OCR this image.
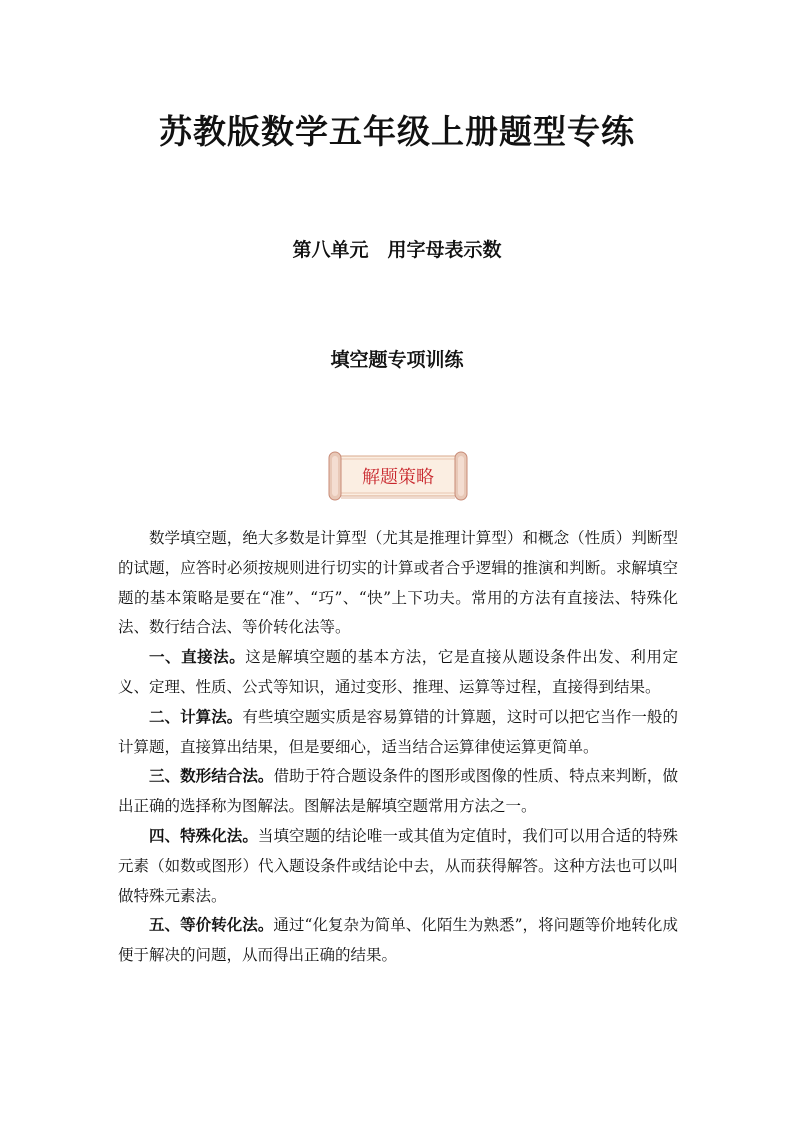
苏教版数学五年级上册题型专练
第八单元　用字母表示数
填空题专项训练
解题策略

数学填空题，绝大多数是计算型（尤其是推理计算型）和概念（性质）判断型的试题，应答时必须按规则进行切实的计算或者合乎逻辑的推演和判断。求解填空题的基本策略是要在“准”、“巧”、“快”上下功夫。常用的方法有直接法、特殊化法、数行结合法、等价转化法等。

一、直接法。这是解填空题的基本方法，它是直接从题设条件出发、利用定义、定理、性质、公式等知识，通过变形、推理、运算等过程，直接得到结果。

二、计算法。有些填空题实质是容易算错的计算题，这时可以把它当作一般的计算题，直接算出结果，但是要细心，适当结合运算律使运算更简单。

三、数形结合法。借助于符合题设条件的图形或图像的性质、特点来判断，做出正确的选择称为图解法。图解法是解填空题常用方法之一。

四、特殊化法。当填空题的结论唯一或其值为定值时，我们可以用合适的特殊元素（如数或图形）代入题设条件或结论中去，从而获得解答。这种方法也可以叫做特殊元素法。

五、等价转化法。通过“化复杂为简单、化陌生为熟悉”，将问题等价地转化成便于解决的问题，从而得出正确的结果。
